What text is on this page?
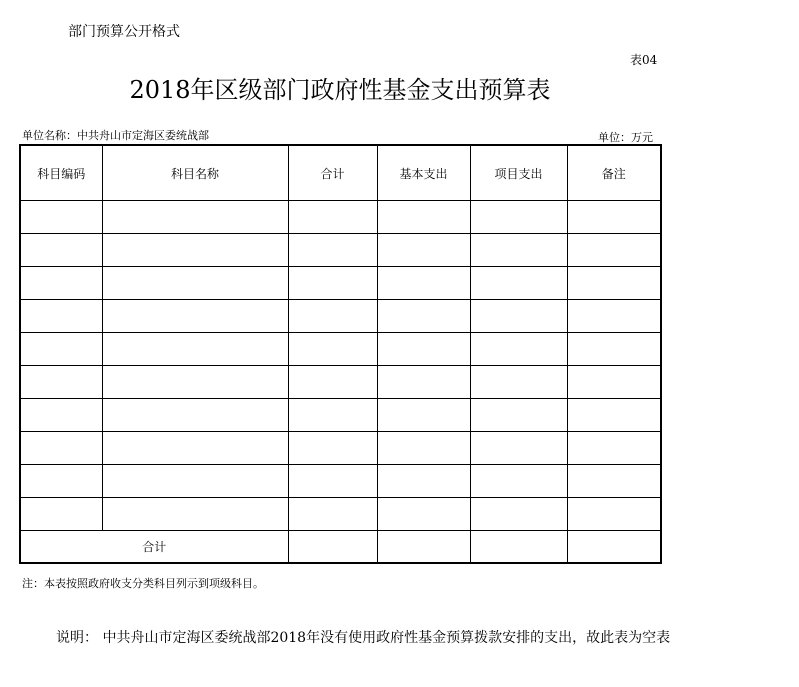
部门预算公开格式
表04
2018年区级部门政府性基金支出预算表
单位名称：中共舟山市定海区委统战部	单位：万元
科目编码	科目名称	合计	基本支出	项目支出	备注

合计					
注：本表按照政府收支分类科目列示到项级科目。
说明： 中共舟山市定海区委统战部2018年没有使用政府性基金预算拨款安排的支出，故此表为空表
